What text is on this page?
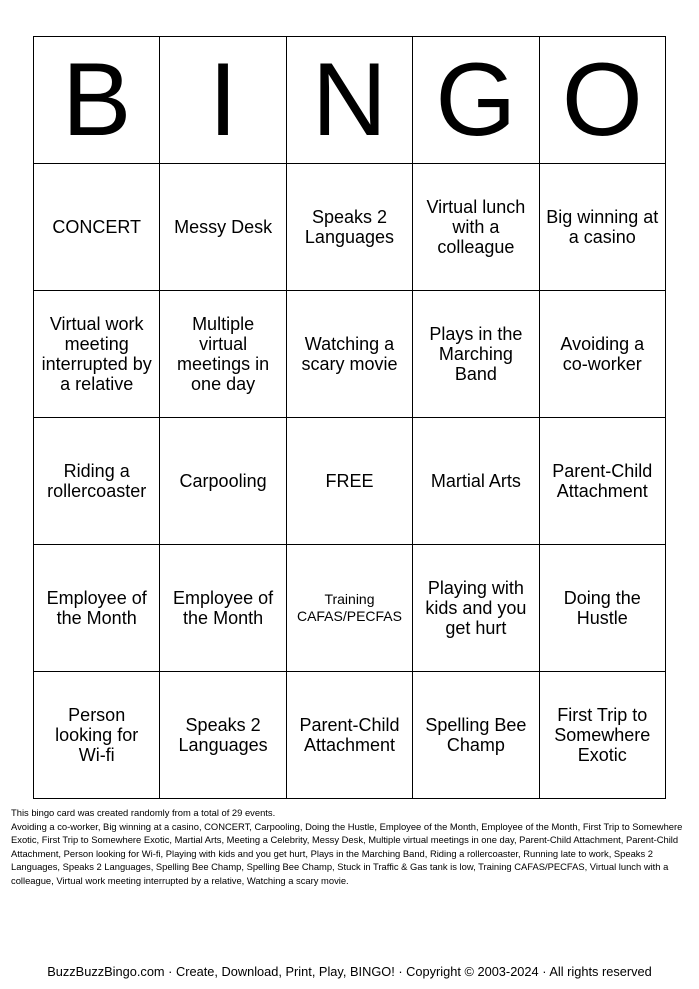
B	I	N	G	O
CONCERT	Messy Desk	Speaks 2 Languages	Virtual lunch with a colleague	Big winning at a casino
Virtual work meeting interrupted by a relative	Multiple virtual meetings in one day	Watching a scary movie	Plays in the Marching Band	Avoiding a co-worker
Riding a rollercoaster	Carpooling	FREE	Martial Arts	Parent-Child Attachment
Employee of the Month	Employee of the Month	Training CAFAS/PECFAS	Playing with kids and you get hurt	Doing the Hustle
Person looking for Wi-fi	Speaks 2 Languages	Parent-Child Attachment	Spelling Bee Champ	First Trip to Somewhere Exotic
This bingo card was created randomly from a total of 29 events.
Avoiding a co-worker, Big winning at a casino, CONCERT, Carpooling, Doing the Hustle, Employee of the Month, Employee of the Month, First Trip to Somewhere Exotic, First Trip to Somewhere Exotic, Martial Arts, Meeting a Celebrity, Messy Desk, Multiple virtual meetings in one day, Parent-Child Attachment, Parent-Child Attachment, Person looking for Wi-fi, Playing with kids and you get hurt, Plays in the Marching Band, Riding a rollercoaster, Running late to work, Speaks 2 Languages, Speaks 2 Languages, Spelling Bee Champ, Spelling Bee Champ, Stuck in Traffic & Gas tank is low, Training CAFAS/PECFAS, Virtual lunch with a colleague, Virtual work meeting interrupted by a relative, Watching a scary movie.
BuzzBuzzBingo.com · Create, Download, Print, Play, BINGO! · Copyright © 2003-2024 · All rights reserved
